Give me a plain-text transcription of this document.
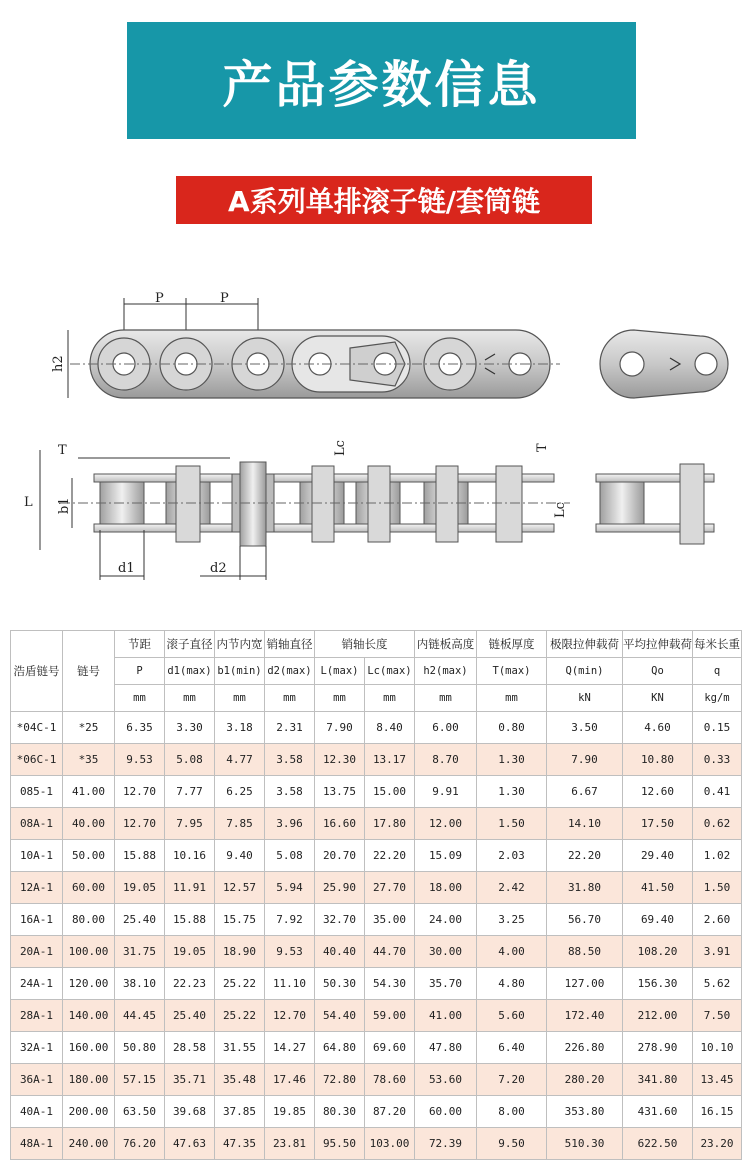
产品参数信息
A系列单排滚子链/套筒链
P	P
h2
T
L b1
Lc	T
Lc
d1	d2
浩盾链号	链号	节距	滚子直径	内节内宽	销轴直径	销轴长度		内链板高度	链板厚度	极限拉伸载荷	平均拉伸载荷	每米长重
		P	d1(max)	b1(min)	d2(max)	L(max)	Lc(max)	h2(max)	T(max)	Q(min)	Qo	q
		mm	mm	mm	mm	mm	mm	mm	mm	kN	KN	kg/m
*04C-1	*25	6.35	3.30	3.18	2.31	7.90	8.40	6.00	0.80	3.50	4.60	0.15
*06C-1	*35	9.53	5.08	4.77	3.58	12.30	13.17	8.70	1.30	7.90	10.80	0.33
085-1	41.00	12.70	7.77	6.25	3.58	13.75	15.00	9.91	1.30	6.67	12.60	0.41
08A-1	40.00	12.70	7.95	7.85	3.96	16.60	17.80	12.00	1.50	14.10	17.50	0.62
10A-1	50.00	15.88	10.16	9.40	5.08	20.70	22.20	15.09	2.03	22.20	29.40	1.02
12A-1	60.00	19.05	11.91	12.57	5.94	25.90	27.70	18.00	2.42	31.80	41.50	1.50
16A-1	80.00	25.40	15.88	15.75	7.92	32.70	35.00	24.00	3.25	56.70	69.40	2.60
20A-1	100.00	31.75	19.05	18.90	9.53	40.40	44.70	30.00	4.00	88.50	108.20	3.91
24A-1	120.00	38.10	22.23	25.22	11.10	50.30	54.30	35.70	4.80	127.00	156.30	5.62
28A-1	140.00	44.45	25.40	25.22	12.70	54.40	59.00	41.00	5.60	172.40	212.00	7.50
32A-1	160.00	50.80	28.58	31.55	14.27	64.80	69.60	47.80	6.40	226.80	278.90	10.10
36A-1	180.00	57.15	35.71	35.48	17.46	72.80	78.60	53.60	7.20	280.20	341.80	13.45
40A-1	200.00	63.50	39.68	37.85	19.85	80.30	87.20	60.00	8.00	353.80	431.60	16.15
48A-1	240.00	76.20	47.63	47.35	23.81	95.50	103.00	72.39	9.50	510.30	622.50	23.20
